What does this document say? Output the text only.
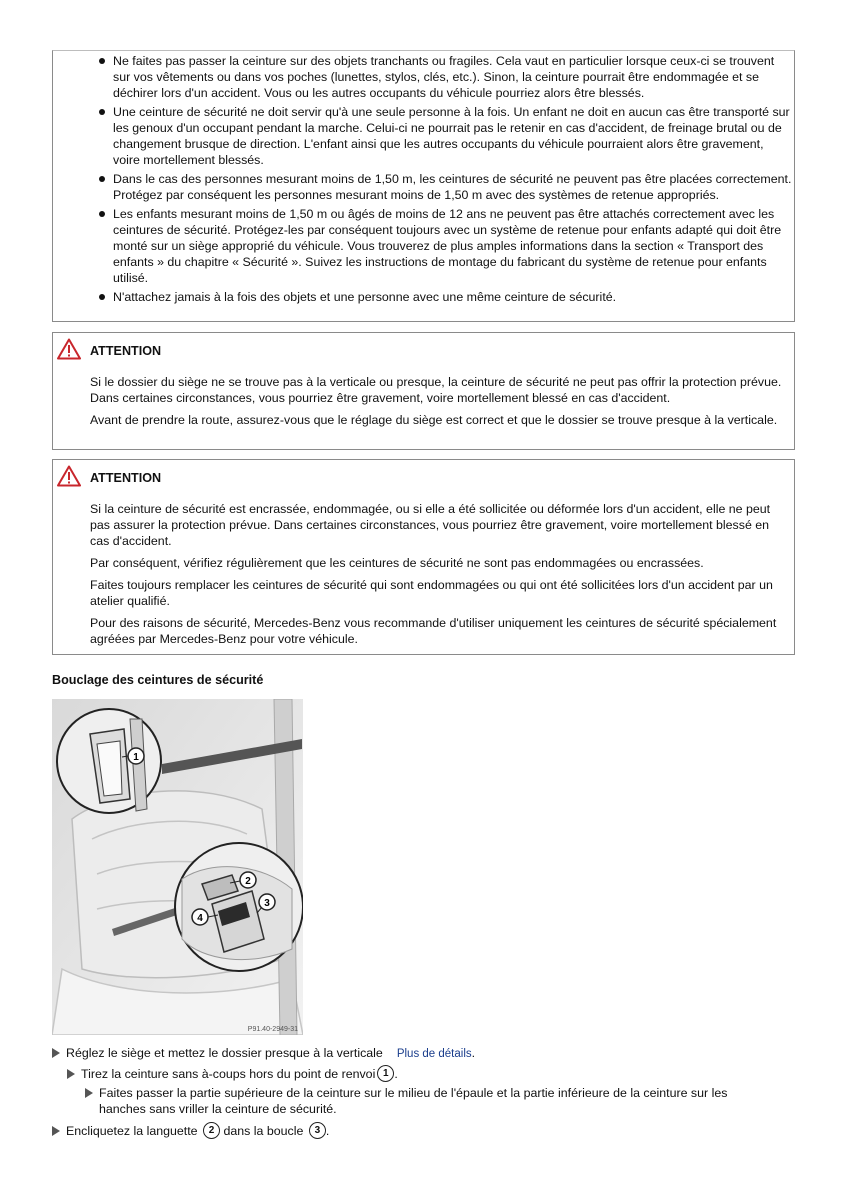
Ne faites pas passer la ceinture sur des objets tranchants ou fragiles. Cela vaut en particulier lorsque ceux-ci se trouvent sur vos vêtements ou dans vos poches (lunettes, stylos, clés, etc.). Sinon, la ceinture pourrait être endommagée et se déchirer lors d'un accident. Vous ou les autres occupants du véhicule pourriez alors être blessés.
Une ceinture de sécurité ne doit servir qu'à une seule personne à la fois. Un enfant ne doit en aucun cas être transporté sur les genoux d'un occupant pendant la marche. Celui-ci ne pourrait pas le retenir en cas d'accident, de freinage brutal ou de changement brusque de direction. L'enfant ainsi que les autres occupants du véhicule pourraient alors être gravement, voire mortellement blessés.
Dans le cas des personnes mesurant moins de 1,50 m, les ceintures de sécurité ne peuvent pas être placées correctement. Protégez par conséquent les personnes mesurant moins de 1,50 m avec des systèmes de retenue appropriés.
Les enfants mesurant moins de 1,50 m ou âgés de moins de 12 ans ne peuvent pas être attachés correctement avec les ceintures de sécurité. Protégez-les par conséquent toujours avec un système de retenue pour enfants adapté qui doit être monté sur un siège approprié du véhicule. Vous trouverez de plus amples informations dans la section « Transport des enfants » du chapitre « Sécurité ». Suivez les instructions de montage du fabricant du système de retenue pour enfants utilisé.
N'attachez jamais à la fois des objets et une personne avec une même ceinture de sécurité.
ATTENTION

Si le dossier du siège ne se trouve pas à la verticale ou presque, la ceinture de sécurité ne peut pas offrir la protection prévue. Dans certaines circonstances, vous pourriez être gravement, voire mortellement blessé en cas d'accident.

Avant de prendre la route, assurez-vous que le réglage du siège est correct et que le dossier se trouve presque à la verticale.

ATTENTION

Si la ceinture de sécurité est encrassée, endommagée, ou si elle a été sollicitée ou déformée lors d'un accident, elle ne peut pas assurer la protection prévue. Dans certaines circonstances, vous pourriez être gravement, voire mortellement blessé en cas d'accident.

Par conséquent, vérifiez régulièrement que les ceintures de sécurité ne sont pas endommagées ou encrassées.

Faites toujours remplacer les ceintures de sécurité qui sont endommagées ou qui ont été sollicitées lors d'un accident par un atelier qualifié.

Pour des raisons de sécurité, Mercedes-Benz vous recommande d'utiliser uniquement les ceintures de sécurité spécialement agréées par Mercedes-Benz pour votre véhicule.

Bouclage des ceintures de sécurité
1
2
3
4
P91.40-2949-31
Réglez le siège et mettez le dossier presque à la verticale Plus de détails.
Tirez la ceinture sans à-coups hors du point de renvoi 1 .
Faites passer la partie supérieure de la ceinture sur le milieu de l'épaule et la partie inférieure de la ceinture sur les
hanches sans vriller la ceinture de sécurité.
Encliquetez la languette 2 dans la boucle 3 .
